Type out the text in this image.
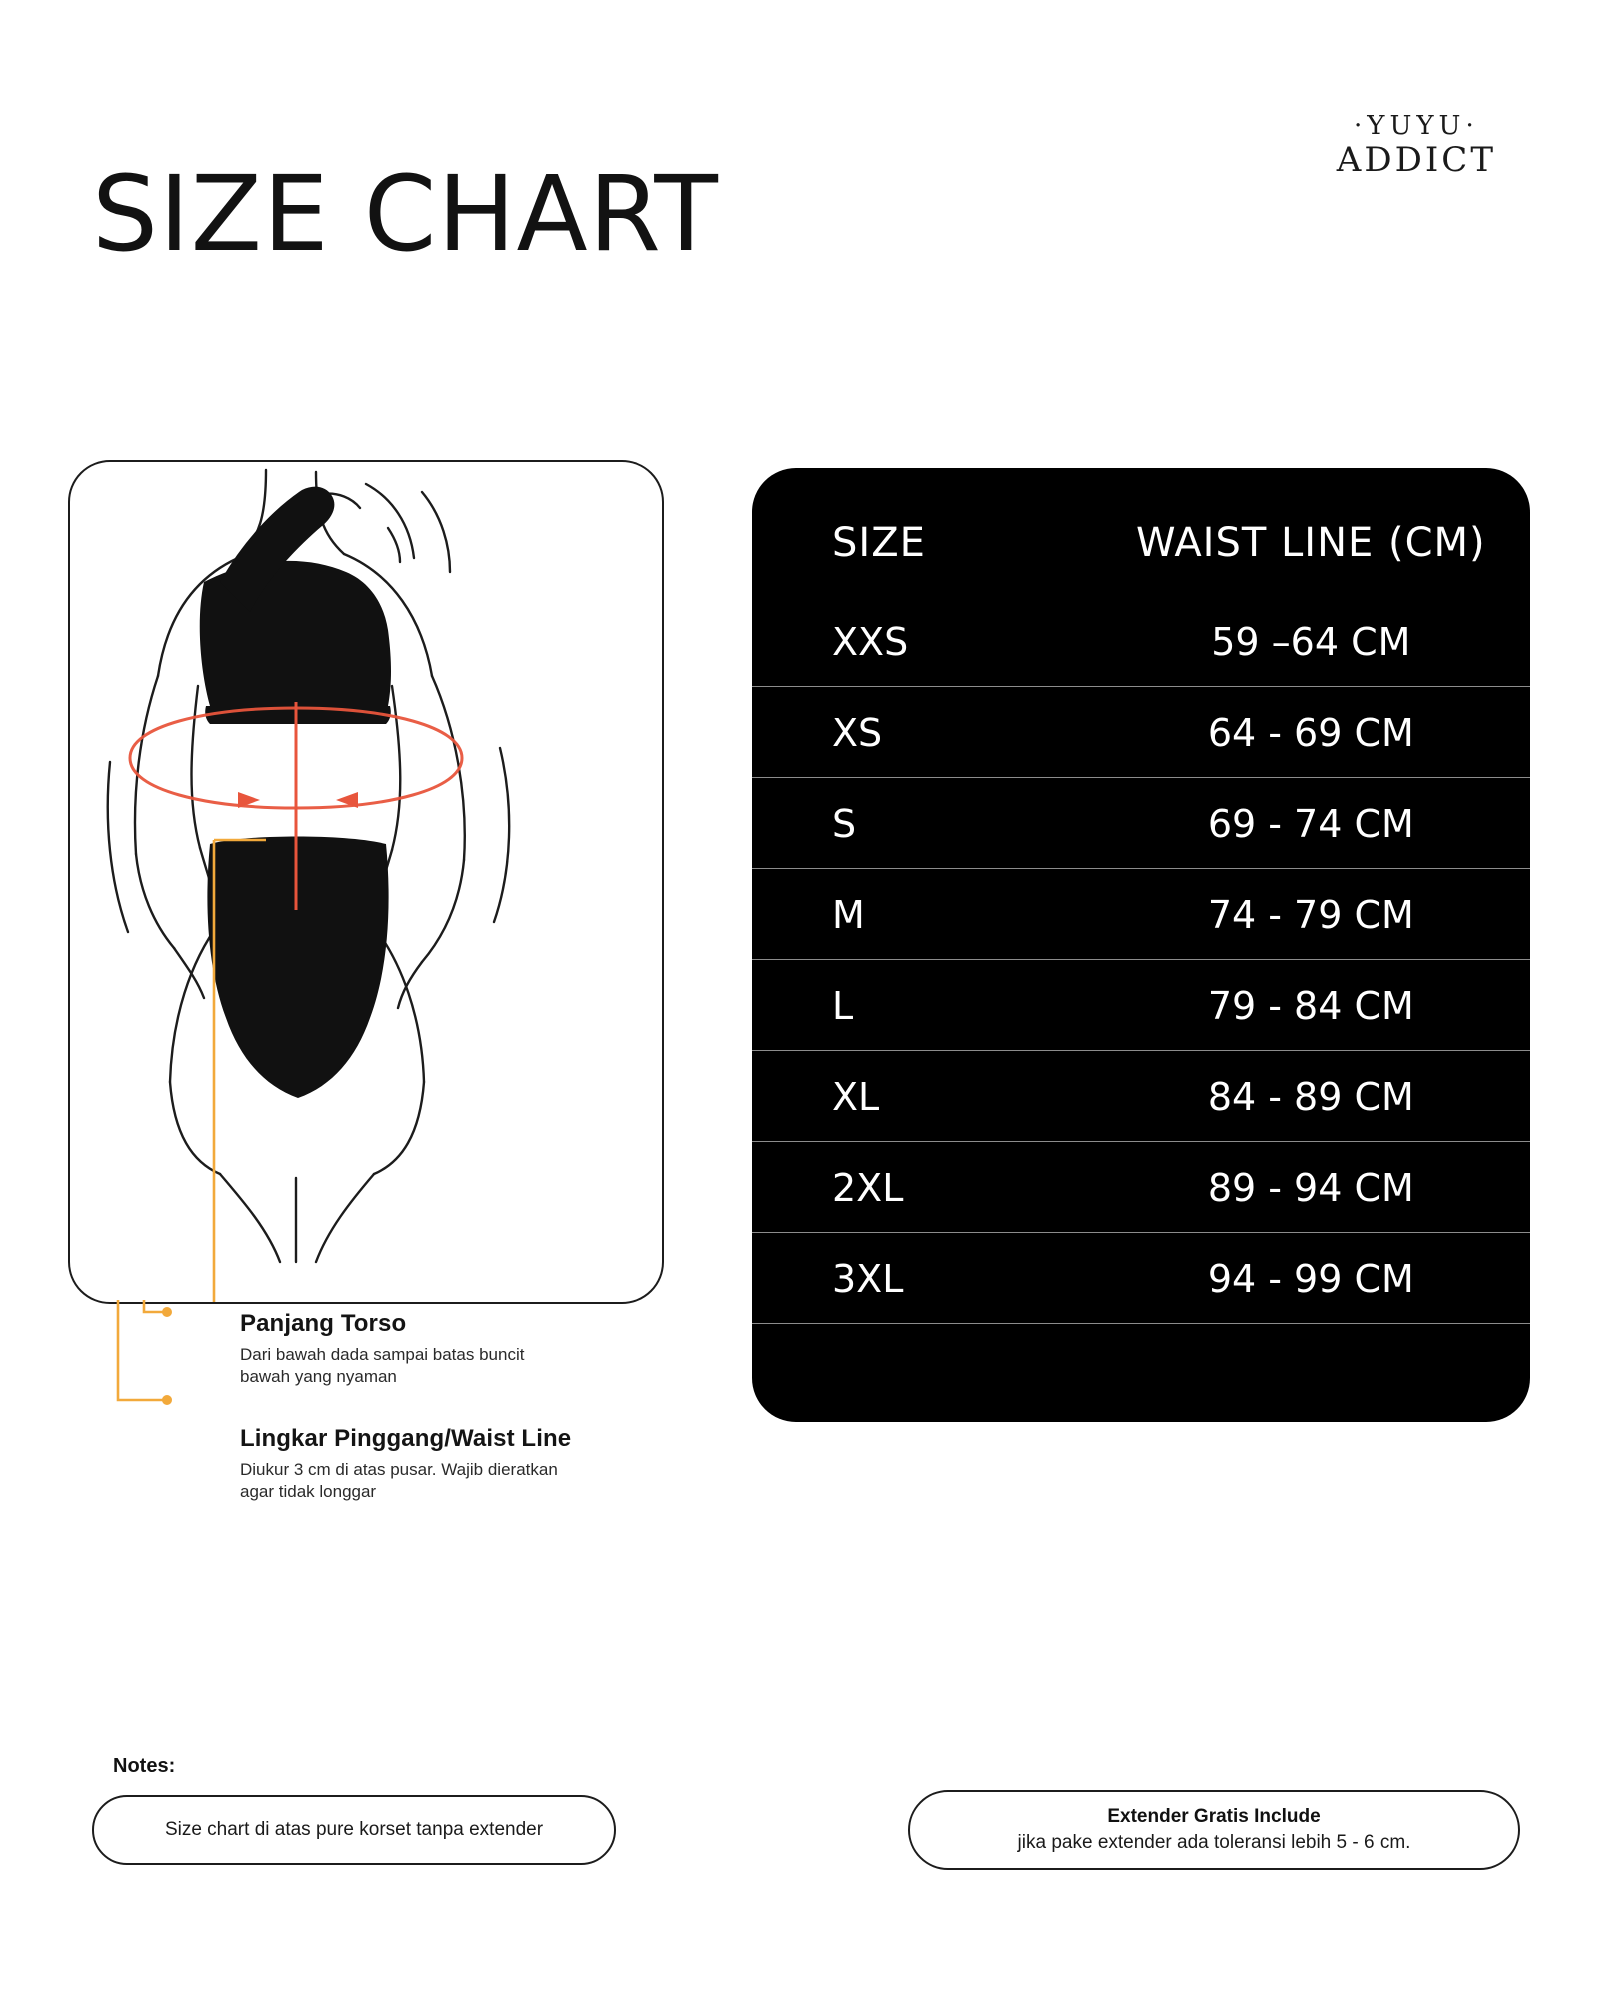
SIZE CHART
·YUYU·
ADDICT

Panjang Torso

Dari bawah dada sampai batas buncit bawah yang nyaman

Lingkar Pinggang/Waist Line

Diukur 3 cm di atas pusar. Wajib dieratkan agar tidak longgar

SIZE	WAIST LINE (CM)
XXS	59 –64 CM
XS	64 - 69 CM
S	69 - 74 CM
M	74 - 79 CM
L	79 - 84 CM
XL	84 - 89 CM
2XL	89 - 94 CM
3XL	94 - 99 CM
Notes:
Size chart di atas pure korset tanpa extender
Extender Gratis Include
jika pake extender ada toleransi lebih 5 - 6 cm.
